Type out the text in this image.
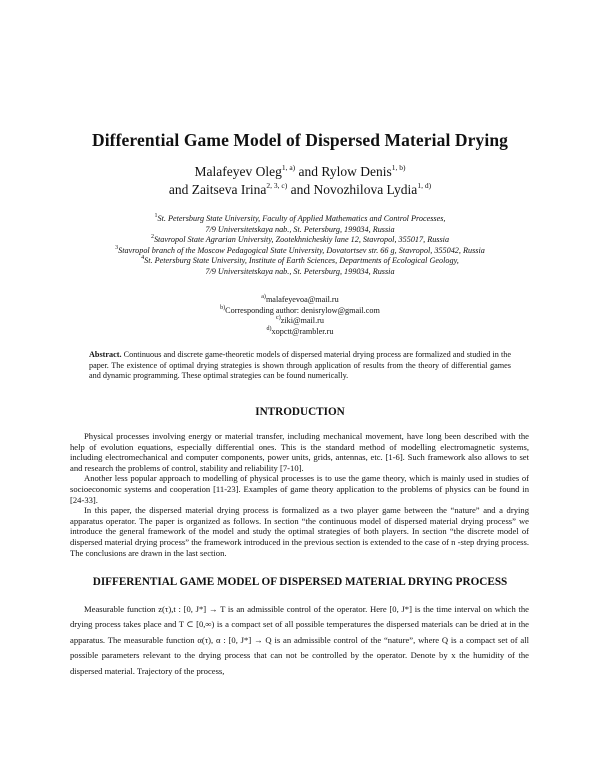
Differential Game Model of Dispersed Material Drying
Malafeyev Oleg$^{1, a)}$ and Rylow Denis$^{1, b)}$
and Zaitseva Irina$^{2, 3, c)}$ and Novozhilova Lydia$^{1, d)}$
$^1$St. Petersburg State University, Faculty of Applied Mathematics and Control Processes,
7/9 Universitetskaya nab., St. Petersburg, 199034, Russia
$^2$Stavropol State Agrarian University, Zootekhnicheskiy lane 12, Stavropol, 355017, Russia
$^3$Stavropol branch of the Moscow Pedagogical State University, Dovatortsev str. 66 g, Stavropol, 355042, Russia
$^4$St. Petersburg State University, Institute of Earth Sciences, Departments of Ecological Geology,
7/9 Universitetskaya nab., St. Petersburg, 199034, Russia
$^{a)}$malafeyevoa@mail.ru
$^{b)}$Corresponding author: denisrylow@gmail.com
$^{c)}$ziki@mail.ru
$^{d)}$xopctt@rambler.ru
Abstract. Continuous and discrete game-theoretic models of dispersed material drying process are formalized and studied in the paper. The existence of optimal drying strategies is shown through application of results from the theory of differential games and dynamic programming. These optimal strategies can be found numerically.
INTRODUCTION

Physical processes involving energy or material transfer, including mechanical movement, have long been described with the help of evolution equations, especially differential ones. This is the standard method of modelling electromagnetic systems, including electromechanical and computer components, power units, grids, antennas, etc. [1-6]. Such framework also allows to set and research the problems of control, stability and reliability [7-10].

Another less popular approach to modelling of physical processes is to use the game theory, which is mainly used in studies of socioeconomic systems and cooperation [11-23]. Examples of game theory application to the problems of physics can be found in [24-33].

In this paper, the dispersed material drying process is formalized as a two player game between the “nature” and a drying apparatus operator. The paper is organized as follows. In section “the continuous model of dispersed material drying process” we introduce the general framework of the model and study the optimal strategies of both players. In section “the discrete model of dispersed material drying process” the framework introduced in the previous section is extended to the case of n -step drying process. The conclusions are drawn in the last section.

DIFFERENTIAL GAME MODEL OF DISPERSED MATERIAL DRYING PROCESS

Measurable function z(τ),t : [0, J*] → T is an admissible control of the operator. Here [0, J*] is the time interval on which the drying process takes place and T ⊂ [0,∞) is a compact set of all possible temperatures the dispersed materials can be dried at in the apparatus. The measurable function α(τ), α : [0, J*] → Q is an admissible control of the “nature”, where Q is a compact set of all possible parameters relevant to the drying process that can not be controlled by the operator. Denote by x the humidity of the dispersed material. Trajectory of the process,
